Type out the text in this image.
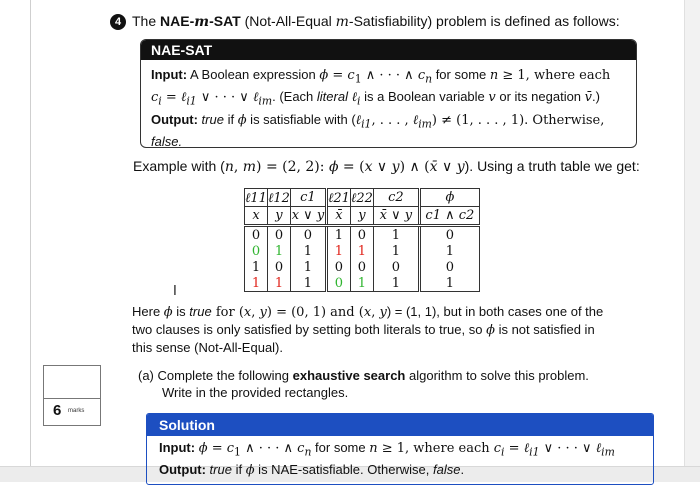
4 The NAE-m-SAT (Not-All-Equal m-Satisfiability) problem is defined as follows:
NAE-SAT

Input: A Boolean expression $\phi = c_1$ ∧ · · · ∧ $c_n$ for some n ≥ 1, where each
$c_i$ = ℓ$_{i1}$ ∨ · · · ∨ ℓ$_{im}$. (Each literal ℓ$_i$ is a Boolean variable v or its negation v̄.)

Output: true if ϕ is satisfiable with (ℓ$_{i1}$, . . . , ℓ$_{im}$) ≠ (1, . . . , 1). Otherwise,
false.

Example with (n, m) = (2, 2): ϕ = (x ∨ y) ∧ (x̄ ∨ y). Using a truth table we get:
ℓ11	ℓ12	c1	ℓ21	ℓ22	c2	ϕ
x	y	x ∨ y	x̄	y	x̄ ∨ y	c1 ∧ c2
0	0	0	1	0	1	0
0	1	1	1	1	1	1
1	0	1	0	0	0	0
1	1	1	0	1	1	1
I

Here ϕ is true for (x, y) = (0, 1) and (x, y) = (1, 1), but in both cases one of the

two clauses is only satisfied by setting both literals to true, so ϕ is not satisfied in

this sense (Not-All-Equal).

6 marks

(a) Complete the following exhaustive search algorithm to solve this problem.

Write in the provided rectangles.

Solution

Input: $\phi = c_1$ ∧ · · · ∧ $c_n$ for some n ≥ 1, where each $c_i$ = ℓ$_{i1}$ ∨ · · · ∨ ℓ$_{im}$

Output: true if ϕ is NAE-satisfiable. Otherwise, false.
